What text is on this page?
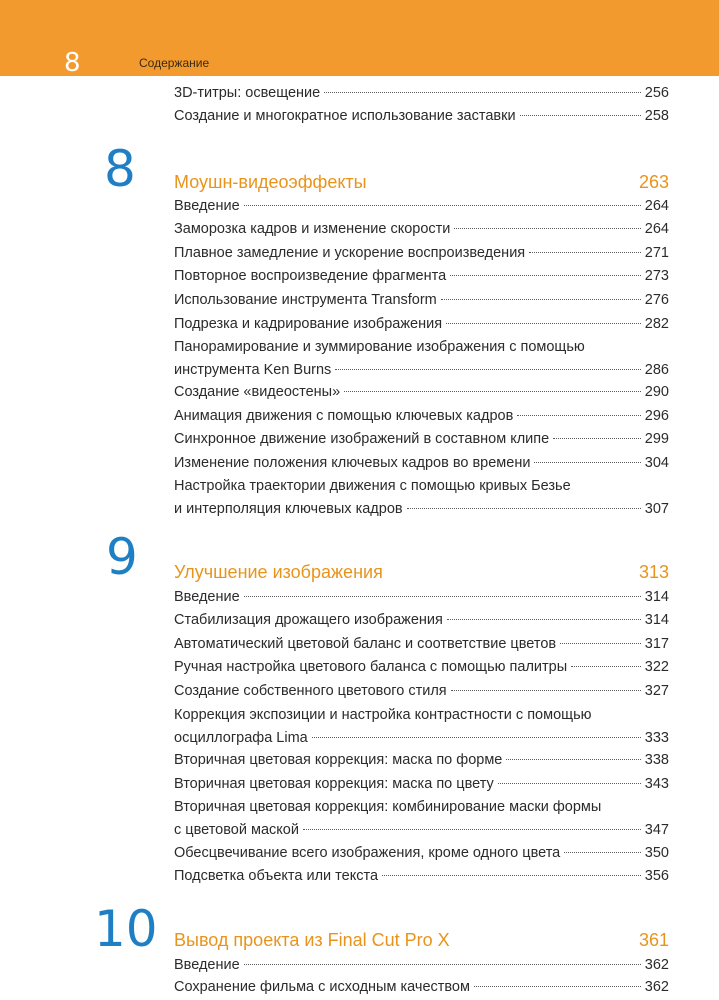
8	Содержание
3D-титры: освещение	256
Создание и многократное использование заставки	258
8 Моушн-видеоэффекты	263
Введение	264
Заморозка кадров и изменение скорости	264
Плавное замедление и ускорение воспроизведения	271
Повторное воспроизведение фрагмента	273
Использование инструмента Transform	276
Подрезка и кадрирование изображения	282
Панорамирование и зуммирование изображения с помощью
инструмента Ken Burns	286
Создание «видеостены»	290
Анимация движения с помощью ключевых кадров	296
Синхронное движение изображений в составном клипе	299
Изменение положения ключевых кадров во времени	304
Настройка траектории движения с помощью кривых Безье
и интерполяция ключевых кадров	307
9 Улучшение изображения	313
Введение	314
Стабилизация дрожащего изображения	314
Автоматический цветовой баланс и соответствие цветов	317
Ручная настройка цветового баланса с помощью палитры	322
Создание собственного цветового стиля	327
Коррекция экспозиции и настройка контрастности с помощью
осциллографа Lima	333
Вторичная цветовая коррекция: маска по форме	338
Вторичная цветовая коррекция: маска по цвету	343
Вторичная цветовая коррекция: комбинирование маски формы
с цветовой маской	347
Обесцвечивание всего изображения, кроме одного цвета	350
Подсветка объекта или текста	356
10 Вывод проекта из Final Cut Pro X	361
Введение	362
Сохранение фильма с исходным качеством	362
